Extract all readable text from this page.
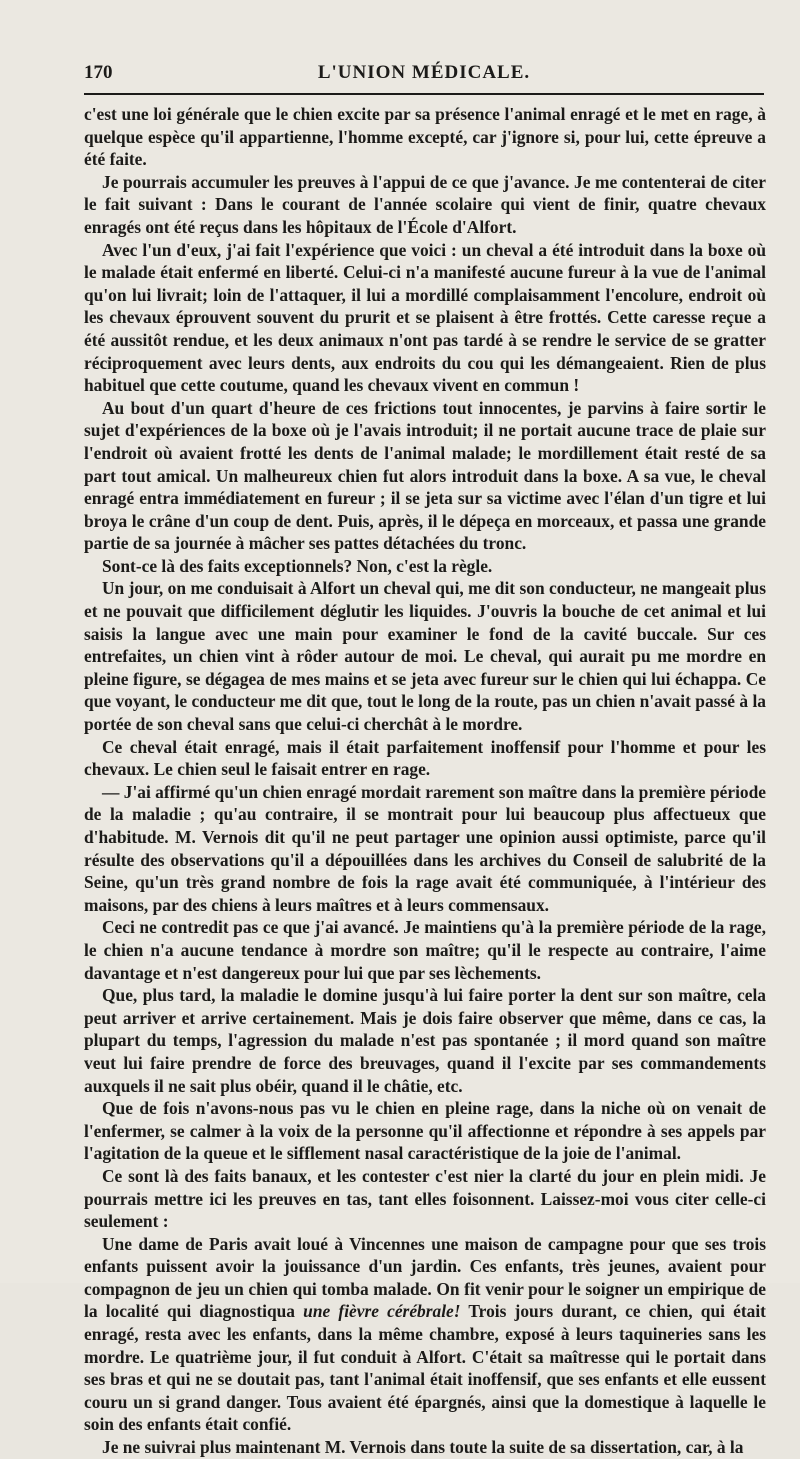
170	L'UNION MÉDICALE.

c'est une loi générale que le chien excite par sa présence l'animal enragé et le met en rage, à quelque espèce qu'il appartienne, l'homme excepté, car j'ignore si, pour lui, cette épreuve a été faite.

Je pourrais accumuler les preuves à l'appui de ce que j'avance. Je me contenterai de citer le fait suivant : Dans le courant de l'année scolaire qui vient de finir, quatre chevaux enragés ont été reçus dans les hôpitaux de l'École d'Alfort.

Avec l'un d'eux, j'ai fait l'expérience que voici : un cheval a été introduit dans la boxe où le malade était enfermé en liberté. Celui-ci n'a manifesté aucune fureur à la vue de l'animal qu'on lui livrait; loin de l'attaquer, il lui a mordillé complaisamment l'encolure, endroit où les chevaux éprouvent souvent du prurit et se plaisent à être frottés. Cette caresse reçue a été aussitôt rendue, et les deux animaux n'ont pas tardé à se rendre le service de se gratter réciproquement avec leurs dents, aux endroits du cou qui les démangeaient. Rien de plus habituel que cette coutume, quand les chevaux vivent en commun !

Au bout d'un quart d'heure de ces frictions tout innocentes, je parvins à faire sortir le sujet d'expériences de la boxe où je l'avais introduit; il ne portait aucune trace de plaie sur l'endroit où avaient frotté les dents de l'animal malade; le mordillement était resté de sa part tout amical. Un malheureux chien fut alors introduit dans la boxe. A sa vue, le cheval enragé entra immédiatement en fureur ; il se jeta sur sa victime avec l'élan d'un tigre et lui broya le crâne d'un coup de dent. Puis, après, il le dépeça en morceaux, et passa une grande partie de sa journée à mâcher ses pattes détachées du tronc.

Sont-ce là des faits exceptionnels? Non, c'est la règle.

Un jour, on me conduisait à Alfort un cheval qui, me dit son conducteur, ne mangeait plus et ne pouvait que difficilement déglutir les liquides. J'ouvris la bouche de cet animal et lui saisis la langue avec une main pour examiner le fond de la cavité buccale. Sur ces entrefaites, un chien vint à rôder autour de moi. Le cheval, qui aurait pu me mordre en pleine figure, se dégagea de mes mains et se jeta avec fureur sur le chien qui lui échappa. Ce que voyant, le conducteur me dit que, tout le long de la route, pas un chien n'avait passé à la portée de son cheval sans que celui-ci cherchât à le mordre.

Ce cheval était enragé, mais il était parfaitement inoffensif pour l'homme et pour les chevaux. Le chien seul le faisait entrer en rage.

— J'ai affirmé qu'un chien enragé mordait rarement son maître dans la première période de la maladie ; qu'au contraire, il se montrait pour lui beaucoup plus affectueux que d'habitude. M. Vernois dit qu'il ne peut partager une opinion aussi optimiste, parce qu'il résulte des observations qu'il a dépouillées dans les archives du Conseil de salubrité de la Seine, qu'un très grand nombre de fois la rage avait été communiquée, à l'intérieur des maisons, par des chiens à leurs maîtres et à leurs commensaux.

Ceci ne contredit pas ce que j'ai avancé. Je maintiens qu'à la première période de la rage, le chien n'a aucune tendance à mordre son maître; qu'il le respecte au contraire, l'aime davantage et n'est dangereux pour lui que par ses lèchements.

Que, plus tard, la maladie le domine jusqu'à lui faire porter la dent sur son maître, cela peut arriver et arrive certainement. Mais je dois faire observer que même, dans ce cas, la plupart du temps, l'agression du malade n'est pas spontanée ; il mord quand son maître veut lui faire prendre de force des breuvages, quand il l'excite par ses commandements auxquels il ne sait plus obéir, quand il le châtie, etc.

Que de fois n'avons-nous pas vu le chien en pleine rage, dans la niche où on venait de l'enfermer, se calmer à la voix de la personne qu'il affectionne et répondre à ses appels par l'agitation de la queue et le sifflement nasal caractéristique de la joie de l'animal.

Ce sont là des faits banaux, et les contester c'est nier la clarté du jour en plein midi. Je pourrais mettre ici les preuves en tas, tant elles foisonnent. Laissez-moi vous citer celle-ci seulement :

Une dame de Paris avait loué à Vincennes une maison de campagne pour que ses trois enfants puissent avoir la jouissance d'un jardin. Ces enfants, très jeunes, avaient pour compagnon de jeu un chien qui tomba malade. On fit venir pour le soigner un empirique de la localité qui diagnostiqua une fièvre cérébrale! Trois jours durant, ce chien, qui était enragé, resta avec les enfants, dans la même chambre, exposé à leurs taquineries sans les mordre. Le quatrième jour, il fut conduit à Alfort. C'était sa maîtresse qui le portait dans ses bras et qui ne se doutait pas, tant l'animal était inoffensif, que ses enfants et elle eussent couru un si grand danger. Tous avaient été épargnés, ainsi que la domestique à laquelle le soin des enfants était confié.

Je ne suivrai plus maintenant M. Vernois dans toute la suite de sa dissertation, car, à la
